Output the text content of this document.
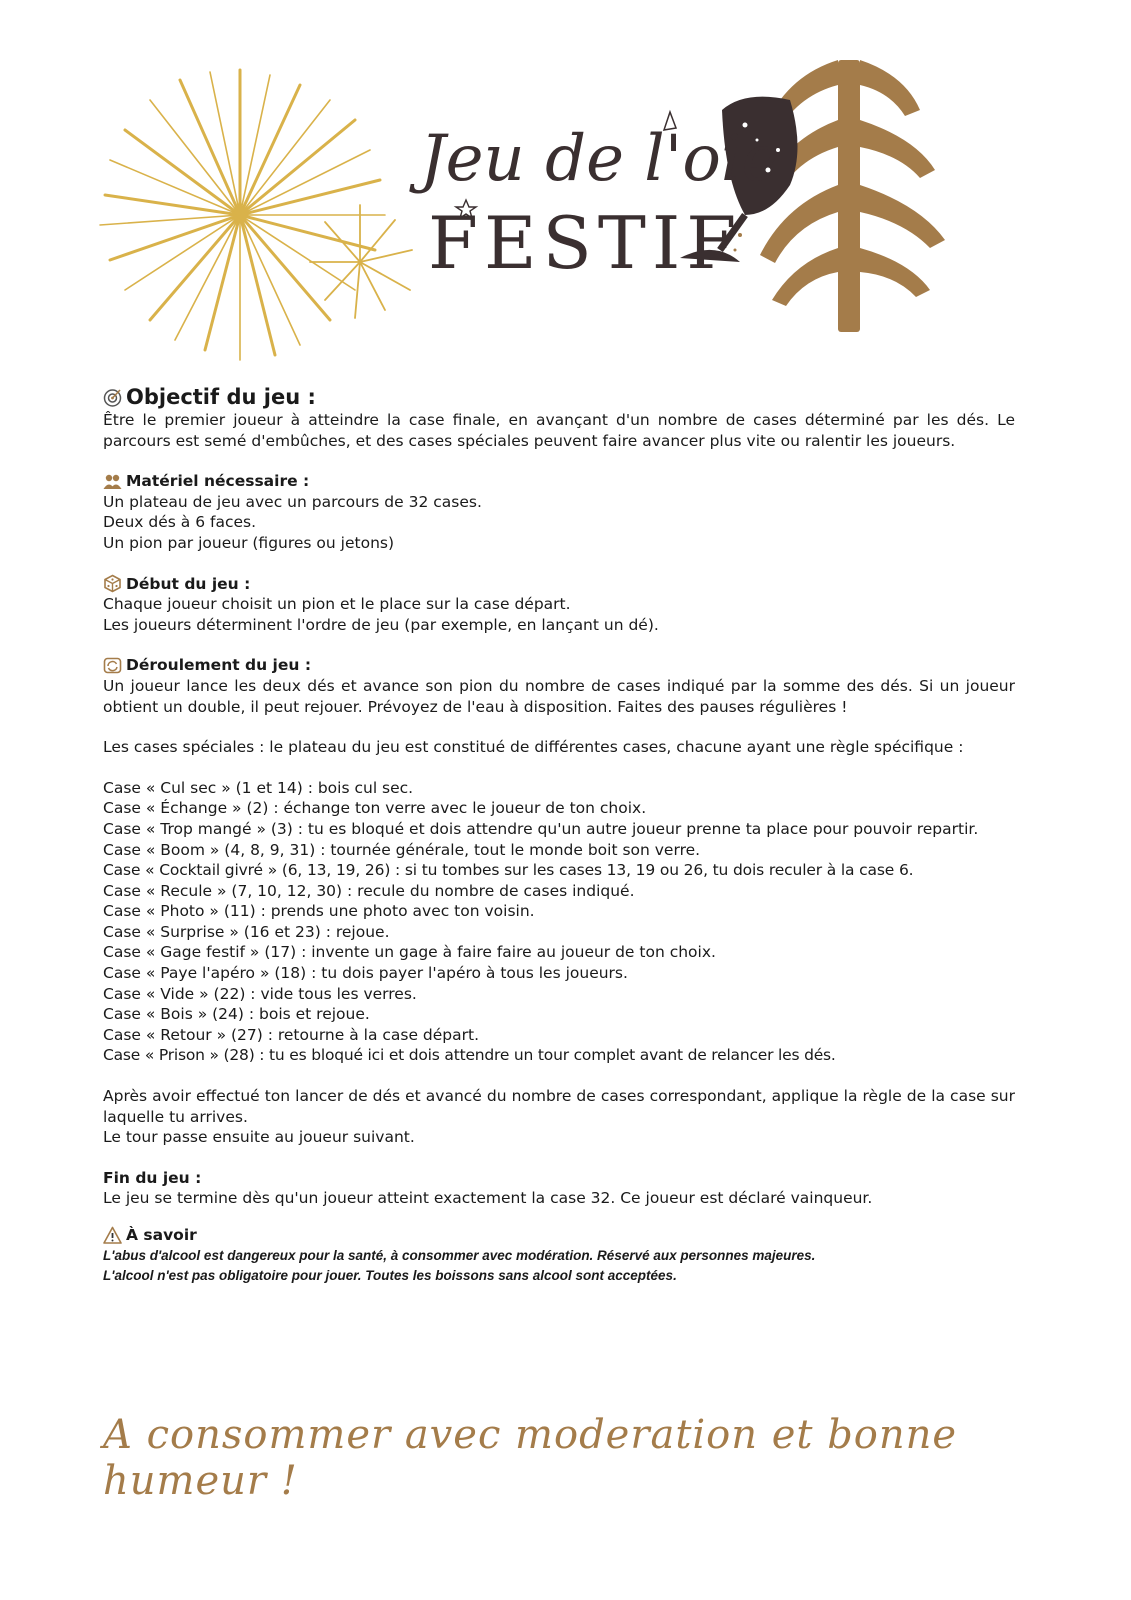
Jeu de l'oie
FESTIF
Objectif du jeu :

Être le premier joueur à atteindre la case finale, en avançant d'un nombre de cases déterminé par les dés. Le parcours est semé d'embûches, et des cases spéciales peuvent faire avancer plus vite ou ralentir les joueurs.

Matériel nécessaire :

Un plateau de jeu avec un parcours de 32 cases.

Deux dés à 6 faces.

Un pion par joueur (figures ou jetons)

Début du jeu :

Chaque joueur choisit un pion et le place sur la case départ.

Les joueurs déterminent l'ordre de jeu (par exemple, en lançant un dé).

Déroulement du jeu :

Un joueur lance les deux dés et avance son pion du nombre de cases indiqué par la somme des dés. Si un joueur obtient un double, il peut rejouer. Prévoyez de l'eau à disposition. Faites des pauses régulières !

Les cases spéciales : le plateau du jeu est constitué de différentes cases, chacune ayant une règle spécifique :

Case « Cul sec » (1 et 14) : bois cul sec.

Case « Échange » (2) : échange ton verre avec le joueur de ton choix.

Case « Trop mangé » (3) : tu es bloqué et dois attendre qu'un autre joueur prenne ta place pour pouvoir repartir.

Case « Boom » (4, 8, 9, 31) : tournée générale, tout le monde boit son verre.

Case « Cocktail givré » (6, 13, 19, 26) : si tu tombes sur les cases 13, 19 ou 26, tu dois reculer à la case 6.

Case « Recule » (7, 10, 12, 30) : recule du nombre de cases indiqué.

Case « Photo » (11) : prends une photo avec ton voisin.

Case « Surprise » (16 et 23) : rejoue.

Case « Gage festif » (17) : invente un gage à faire faire au joueur de ton choix.

Case « Paye l'apéro » (18) : tu dois payer l'apéro à tous les joueurs.

Case « Vide » (22) : vide tous les verres.

Case « Bois » (24) : bois et rejoue.

Case « Retour » (27) : retourne à la case départ.

Case « Prison » (28) : tu es bloqué ici et dois attendre un tour complet avant de relancer les dés.

Après avoir effectué ton lancer de dés et avancé du nombre de cases correspondant, applique la règle de la case sur laquelle tu arrives.

Le tour passe ensuite au joueur suivant.

Fin du jeu :

Le jeu se termine dès qu'un joueur atteint exactement la case 32. Ce joueur est déclaré vainqueur.

À savoir

L'abus d'alcool est dangereux pour la santé, à consommer avec modération. Réservé aux personnes majeures.

L'alcool n'est pas obligatoire pour jouer. Toutes les boissons sans alcool sont acceptées.

A consommer avec moderation et bonne humeur !
